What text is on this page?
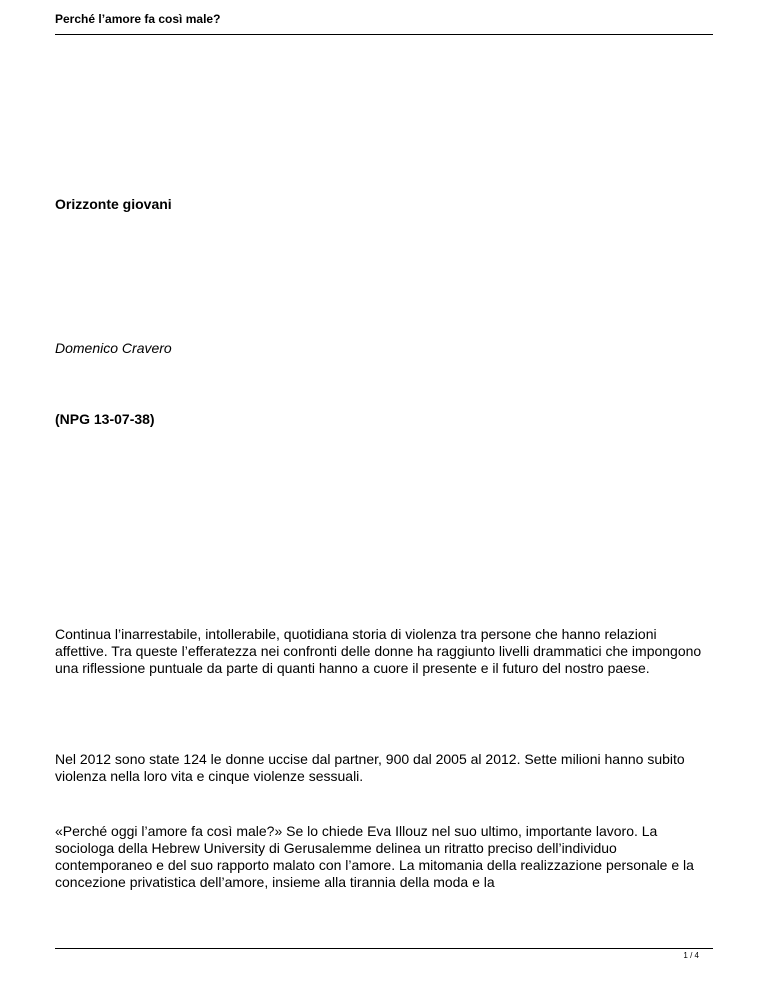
Perché l’amore fa così male?
Orizzonte giovani
Domenico Cravero
(NPG 13-07-38)

Continua l’inarrestabile, intollerabile, quotidiana storia di violenza tra persone che hanno relazioni affettive. Tra queste l’efferatezza nei confronti delle donne ha raggiunto livelli drammatici che impongono una riflessione puntuale da parte di quanti hanno a cuore il presente e il futuro del nostro paese.

Nel 2012 sono state 124 le donne uccise dal partner, 900 dal 2005 al 2012. Sette milioni hanno subito violenza nella loro vita e cinque violenze sessuali.

«Perché oggi l’amore fa così male?» Se lo chiede Eva Illouz nel suo ultimo, importante lavoro. La sociologa della Hebrew University di Gerusalemme delinea un ritratto preciso dell’individuo contemporaneo e del suo rapporto malato con l’amore. La mitomania della realizzazione personale e la concezione privatistica dell’amore, insieme alla tirannia della moda e la

1 / 4
